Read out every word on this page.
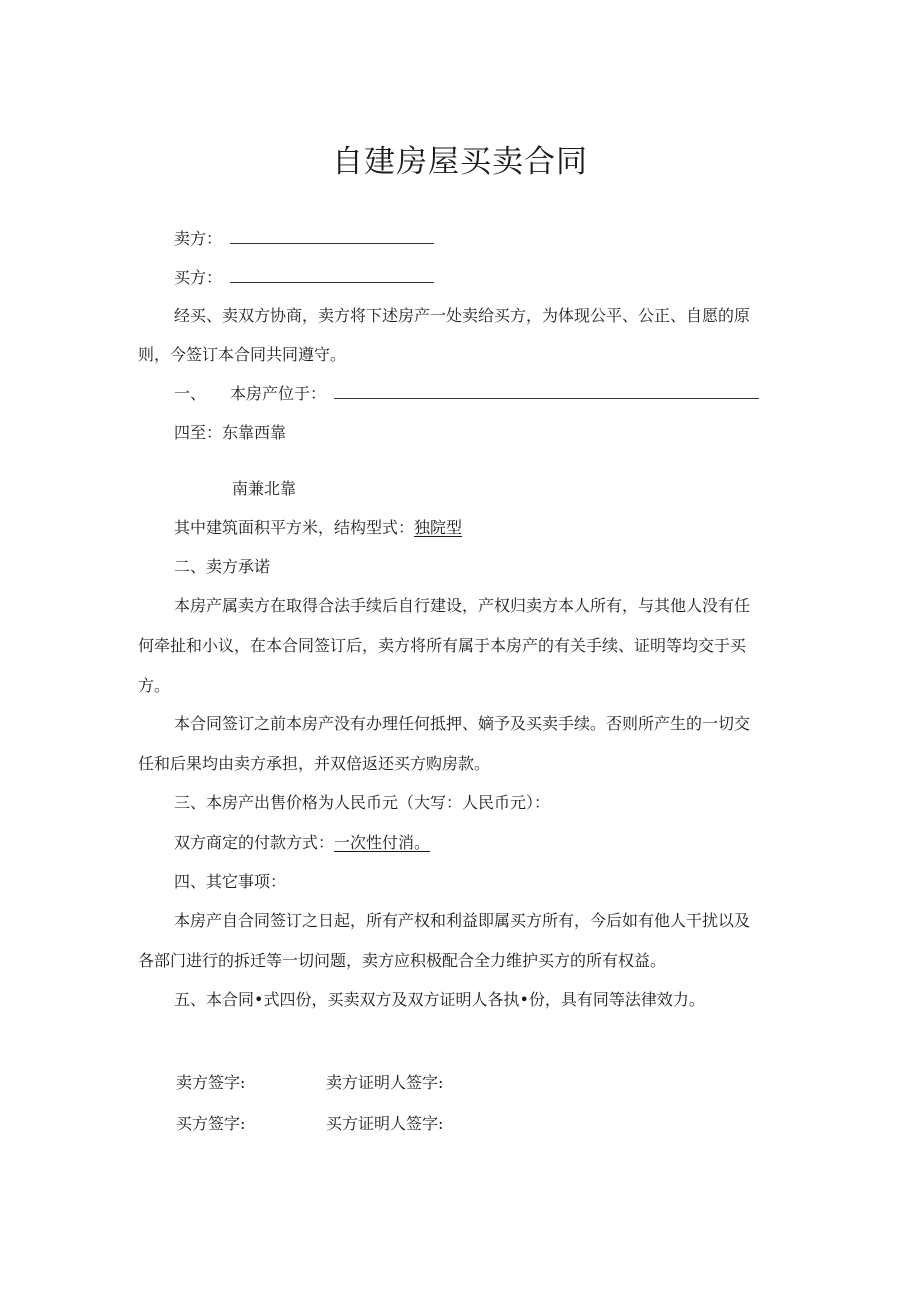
自建房屋买卖合同
卖方：
买方：
经买、卖双方协商，卖方将下述房产一处卖给买方，为体现公平、公正、自愿的原
则，今签订本合同共同遵守。
一、 本房产位于：
四至：东靠西靠
南兼北靠
其中建筑面积平方米，结构型式：独院型
二、卖方承诺
本房产属卖方在取得合法手续后自行建设，产权归卖方本人所有，与其他人没有任
何牵扯和小议，在本合同签订后，卖方将所有属于本房产的有关手续、证明等均交于买
方。
本合同签订之前本房产没有办理任何抵押、嫡予及买卖手续。否则所产生的一切交
任和后果均由卖方承担，并双倍返还买方购房款。
三、本房产出售价格为人民币元（大写：人民币元）：
双方商定的付款方式：一次性付消。
四、其它事项：
本房产自合同签订之日起，所有产权和利益即属买方所有，今后如有他人干扰以及
各部门进行的拆迁等一切问题，卖方应积极配合全力维护买方的所有权益。
五、本合同•式四份，买卖双方及双方证明人各执•份，具有同等法律效力。
卖方签字:	卖方证明人签字:
买方签字:	买方证明人签字:
